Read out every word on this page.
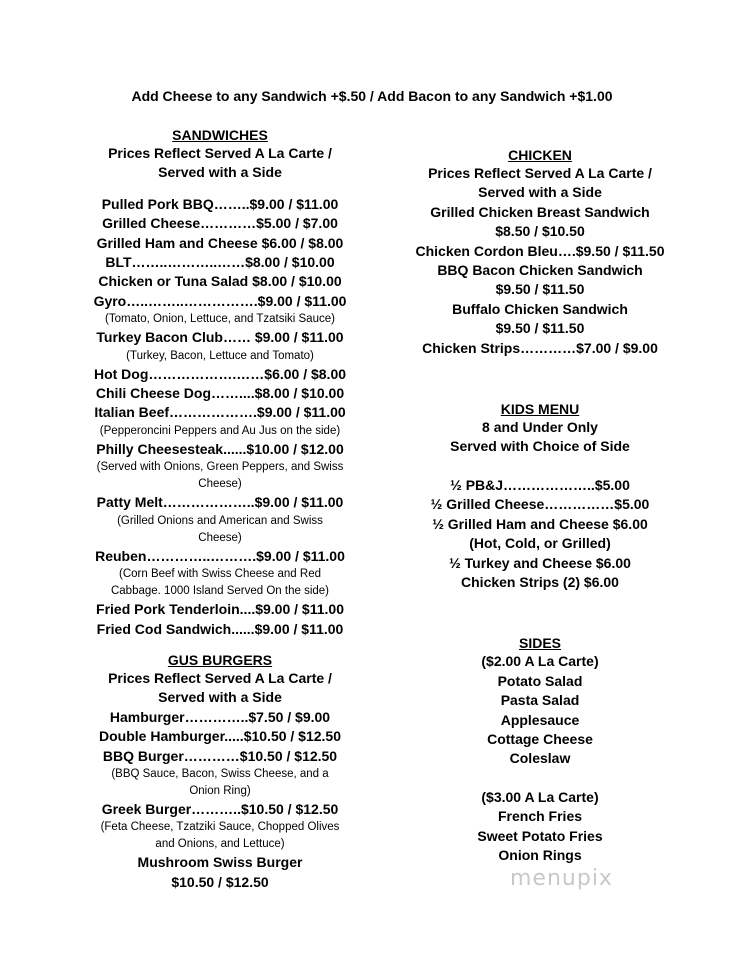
Add Cheese to any Sandwich +$.50 / Add Bacon to any Sandwich +$1.00
SANDWICHES
Prices Reflect Served A La Carte /
Served with a Side
Pulled Pork BBQ……..$9.00 / $11.00
Grilled Cheese…………$5.00 / $7.00
Grilled Ham and Cheese $6.00 / $8.00
BLT……..………..……$8.00 / $10.00
Chicken or Tuna Salad $8.00 / $10.00
Gyro…..……..…………….$9.00 / $11.00
(Tomato, Onion, Lettuce, and Tzatsiki Sauce)
Turkey Bacon Club…… $9.00 / $11.00
(Turkey, Bacon, Lettuce and Tomato)
Hot Dog……………….……$6.00 / $8.00
Chili Cheese Dog……....$8.00 / $10.00
Italian Beef……………….$9.00 / $11.00
(Pepperoncini Peppers and Au Jus on the side)
Philly Cheesesteak......$10.00 / $12.00
(Served with Onions, Green Peppers, and Swiss
Cheese)
Patty Melt………………..$9.00 / $11.00
(Grilled Onions and American and Swiss
Cheese)
Reuben…………..……….$9.00 / $11.00
(Corn Beef with Swiss Cheese and Red
Cabbage. 1000 Island Served On the side)
Fried Pork Tenderloin....$9.00 / $11.00
Fried Cod Sandwich......$9.00 / $11.00
GUS BURGERS
Prices Reflect Served A La Carte /
Served with a Side
Hamburger…………..$7.50 / $9.00
Double Hamburger.....$10.50 / $12.50
BBQ Burger…………$10.50 / $12.50
(BBQ Sauce, Bacon, Swiss Cheese, and a
Onion Ring)
Greek Burger………..$10.50 / $12.50
(Feta Cheese, Tzatziki Sauce, Chopped Olives
and Onions, and Lettuce)
Mushroom Swiss Burger
$10.50 / $12.50
CHICKEN
Prices Reflect Served A La Carte /
Served with a Side
Grilled Chicken Breast Sandwich
$8.50 / $10.50
Chicken Cordon Bleu….$9.50 / $11.50
BBQ Bacon Chicken Sandwich
$9.50 / $11.50
Buffalo Chicken Sandwich
$9.50 / $11.50
Chicken Strips…………$7.00 / $9.00
KIDS MENU
8 and Under Only
Served with Choice of Side
½ PB&J………………..$5.00
½ Grilled Cheese……………$5.00
½ Grilled Ham and Cheese $6.00
(Hot, Cold, or Grilled)
½ Turkey and Cheese $6.00
Chicken Strips (2) $6.00
SIDES
($2.00 A La Carte)
Potato Salad
Pasta Salad
Applesauce
Cottage Cheese
Coleslaw
($3.00 A La Carte)
French Fries
Sweet Potato Fries
Onion Rings
menupix
